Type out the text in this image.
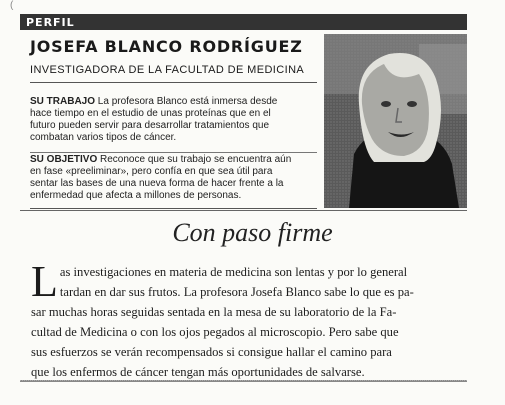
(
PERFIL
JOSEFA BLANCO RODRÍGUEZ
INVESTIGADORA DE LA FACULTAD DE MEDICINA
SU TRABAJO La profesora Blanco está inmersa desde
hace tiempo en el estudio de unas proteínas que en el
futuro pueden servir para desarrollar tratamientos que
combatan varios tipos de cáncer.
SU OBJETIVO Reconoce que su trabajo se encuentra aún
en fase «preeliminar», pero confía en que sea útil para
sentar las bases de una nueva forma de hacer frente a la
enfermedad que afecta a millones de personas.
Con paso firme
L as investigaciones en materia de medicina son lentas y por lo general
tardan en dar sus frutos. La profesora Josefa Blanco sabe lo que es pa-
sar muchas horas seguidas sentada en la mesa de su laboratorio de la Fa-
cultad de Medicina o con los ojos pegados al microscopio. Pero sabe que
sus esfuerzos se verán recompensados si consigue hallar el camino para
que los enfermos de cáncer tengan más oportunidades de salvarse.
